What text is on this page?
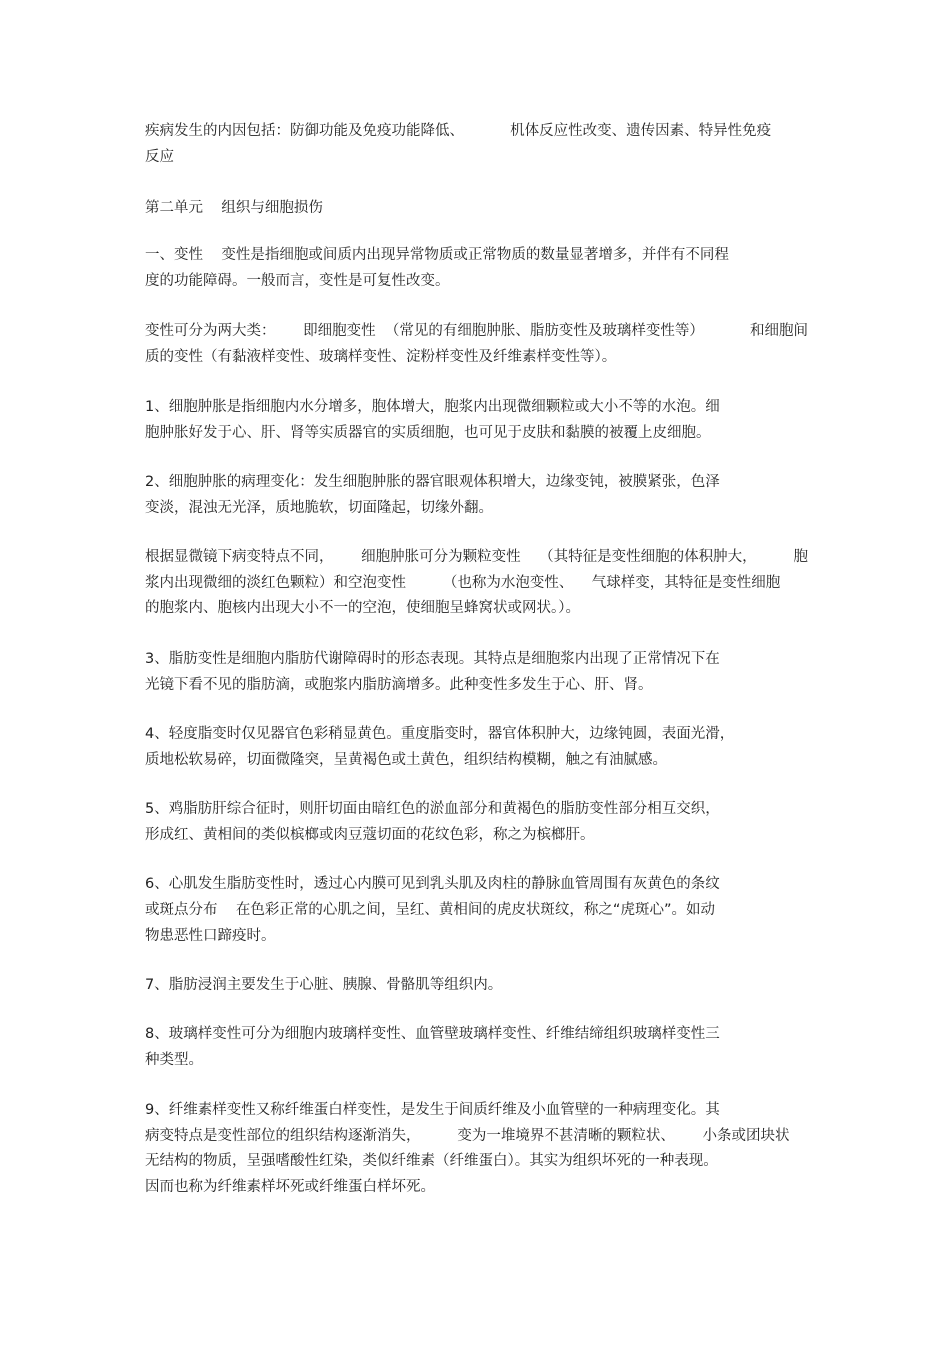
疾病发生的内因包括：防御功能及免疫功能降低、          机体反应性改变、遗传因素、特异性免疫
反应
第二单元    组织与细胞损伤
一、变性    变性是指细胞或间质内出现异常物质或正常物质的数量显著增多，并伴有不同程
度的功能障碍。一般而言，变性是可复性改变。
变性可分为两大类：      即细胞变性  （常见的有细胞肿胀、脂肪变性及玻璃样变性等）          和细胞间
质的变性（有黏液样变性、玻璃样变性、淀粉样变性及纤维素样变性等）。
1、细胞肿胀是指细胞内水分增多，胞体增大，胞浆内出现微细颗粒或大小不等的水泡。细
胞肿胀好发于心、肝、肾等实质器官的实质细胞，也可见于皮肤和黏膜的被覆上皮细胞。
2、细胞肿胀的病理变化：发生细胞肿胀的器官眼观体积增大，边缘变钝，被膜紧张，色泽
变淡，混浊无光泽，质地脆软，切面隆起，切缘外翻。
根据显微镜下病变特点不同，      细胞肿胀可分为颗粒变性    （其特征是变性细胞的体积肿大，        胞
浆内出现微细的淡红色颗粒）和空泡变性        （也称为水泡变性、    气球样变，其特征是变性细胞
的胞浆内、胞核内出现大小不一的空泡，使细胞呈蜂窝状或网状。）。
3、脂肪变性是细胞内脂肪代谢障碍时的形态表现。其特点是细胞浆内出现了正常情况下在
光镜下看不见的脂肪滴，或胞浆内脂肪滴增多。此种变性多发生于心、肝、肾。
4、轻度脂变时仅见器官色彩稍显黄色。重度脂变时，器官体积肿大，边缘钝圆，表面光滑，
质地松软易碎，切面微隆突，呈黄褐色或土黄色，组织结构模糊，触之有油腻感。
5、鸡脂肪肝综合征时，则肝切面由暗红色的淤血部分和黄褐色的脂肪变性部分相互交织，
形成红、黄相间的类似槟榔或肉豆蔻切面的花纹色彩，称之为槟榔肝。
6、心肌发生脂肪变性时，透过心内膜可见到乳头肌及肉柱的静脉血管周围有灰黄色的条纹
或斑点分布    在色彩正常的心肌之间，呈红、黄相间的虎皮状斑纹，称之“虎斑心”。如动
物患恶性口蹄疫时。
7、脂肪浸润主要发生于心脏、胰腺、骨骼肌等组织内。
8、玻璃样变性可分为细胞内玻璃样变性、血管壁玻璃样变性、纤维结缔组织玻璃样变性三
种类型。
9、纤维素样变性又称纤维蛋白样变性，是发生于间质纤维及小血管壁的一种病理变化。其
病变特点是变性部位的组织结构逐渐消失，        变为一堆境界不甚清晰的颗粒状、      小条或团块状
无结构的物质，呈强嗜酸性红染，类似纤维素（纤维蛋白）。其实为组织坏死的一种表现。
因而也称为纤维素样坏死或纤维蛋白样坏死。
